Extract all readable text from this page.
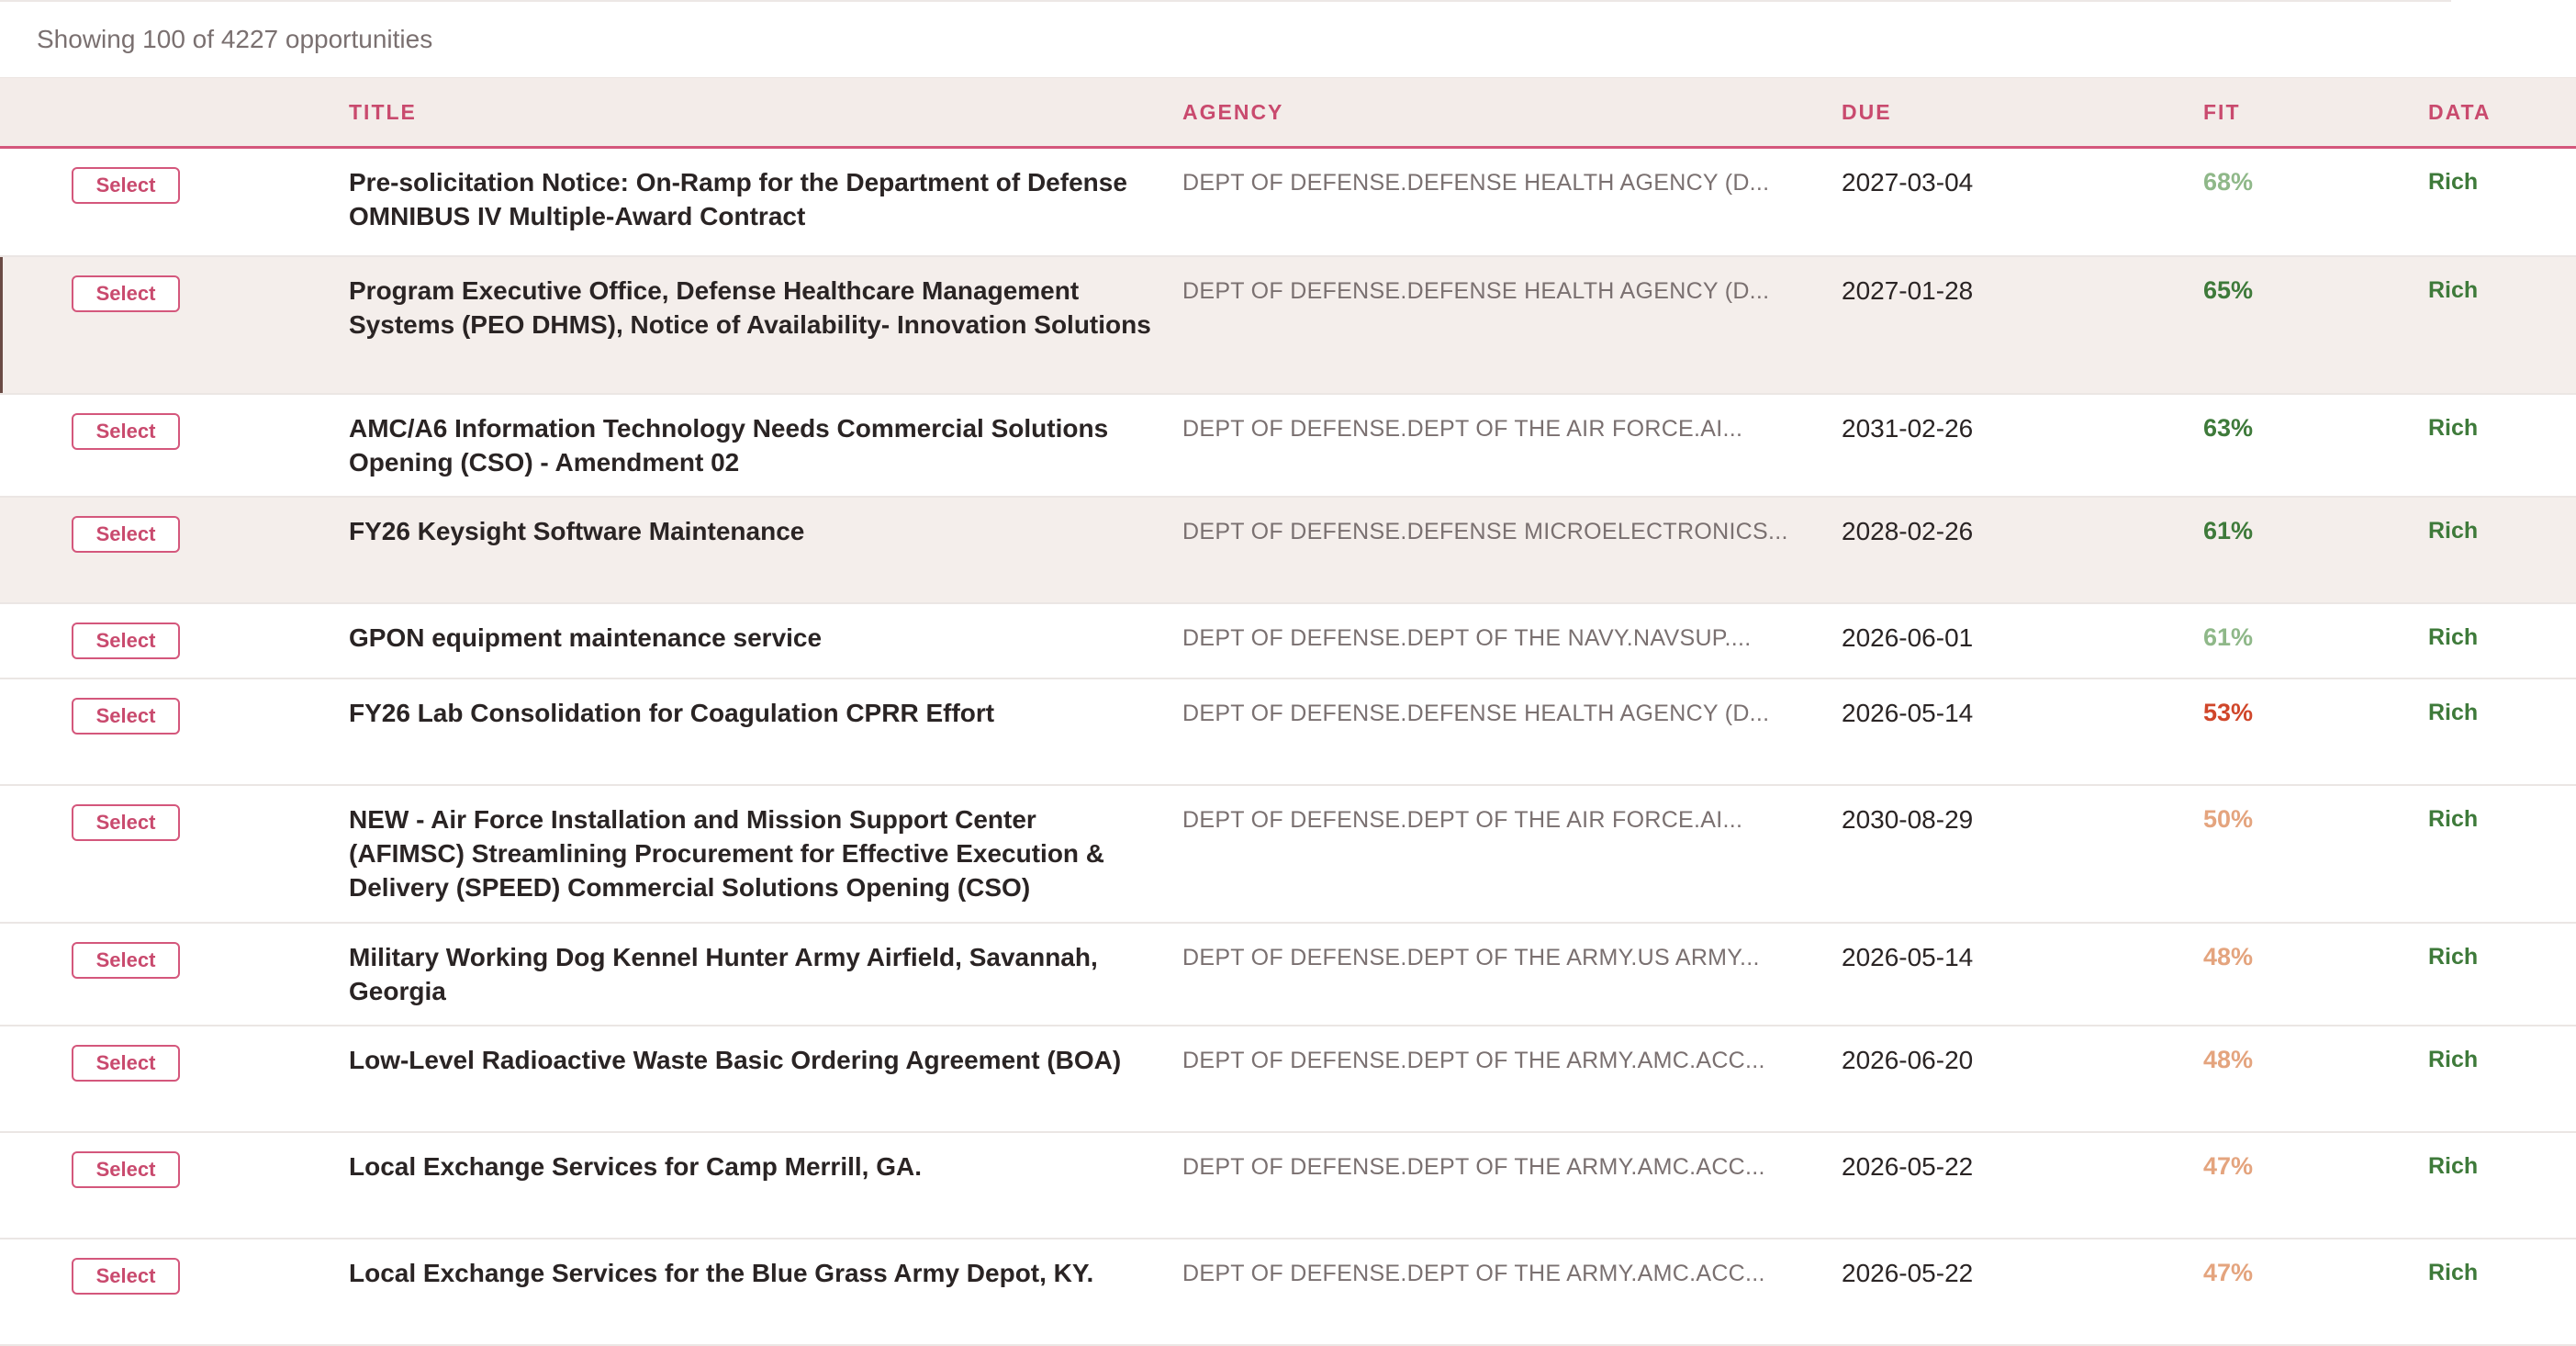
Showing 100 of 4227 opportunities
	TITLE	AGENCY	DUE	FIT	DATA
Select	Pre-solicitation Notice: On-Ramp for the Department of Defense OMNIBUS IV Multiple-Award Contract	DEPT OF DEFENSE.DEFENSE HEALTH AGENCY (D...	2027-03-04	68%	Rich

Select	Program Executive Office, Defense Healthcare Management Systems (PEO DHMS), Notice of Availability- Innovation Solutions	DEPT OF DEFENSE.DEFENSE HEALTH AGENCY (D...	2027-01-28	65%	Rich

Select	AMC/A6 Information Technology Needs Commercial Solutions Opening (CSO) - Amendment 02	DEPT OF DEFENSE.DEPT OF THE AIR FORCE.AI...	2031-02-26	63%	Rich

Select	FY26 Keysight Software Maintenance	DEPT OF DEFENSE.DEFENSE MICROELECTRONICS...	2028-02-26	61%	Rich

Select	GPON equipment maintenance service	DEPT OF DEFENSE.DEPT OF THE NAVY.NAVSUP....	2026-06-01	61%	Rich

Select	FY26 Lab Consolidation for Coagulation CPRR Effort	DEPT OF DEFENSE.DEFENSE HEALTH AGENCY (D...	2026-05-14	53%	Rich

Select	NEW - Air Force Installation and Mission Support Center (AFIMSC) Streamlining Procurement for Effective Execution & Delivery (SPEED) Commercial Solutions Opening (CSO)	DEPT OF DEFENSE.DEPT OF THE AIR FORCE.AI...	2030-08-29	50%	Rich

Select	Military Working Dog Kennel Hunter Army Airfield, Savannah, Georgia	DEPT OF DEFENSE.DEPT OF THE ARMY.US ARMY...	2026-05-14	48%	Rich

Select	Low-Level Radioactive Waste Basic Ordering Agreement (BOA)	DEPT OF DEFENSE.DEPT OF THE ARMY.AMC.ACC...	2026-06-20	48%	Rich

Select	Local Exchange Services for Camp Merrill, GA.	DEPT OF DEFENSE.DEPT OF THE ARMY.AMC.ACC...	2026-05-22	47%	Rich

Select	Local Exchange Services for the Blue Grass Army Depot, KY.	DEPT OF DEFENSE.DEPT OF THE ARMY.AMC.ACC...	2026-05-22	47%	Rich
